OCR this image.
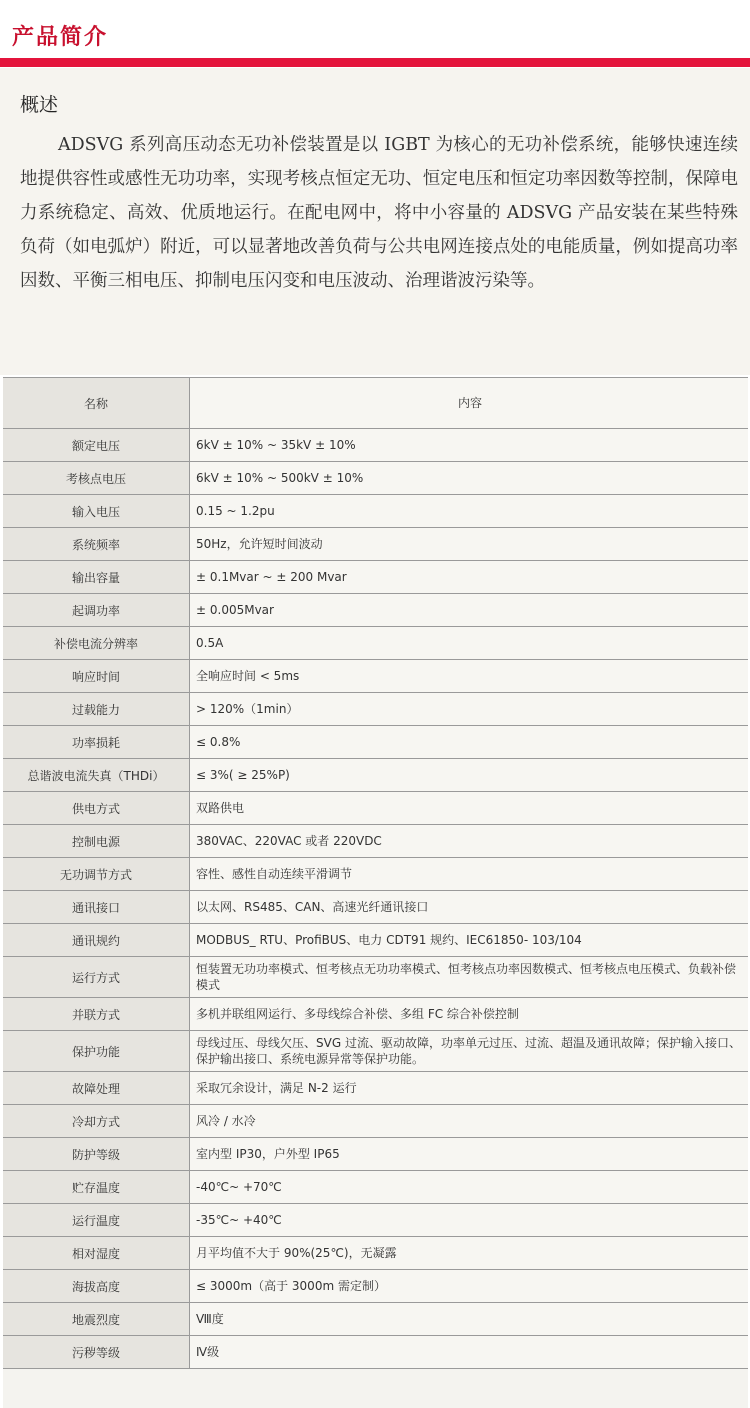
产品简介
概述

ADSVG 系列高压动态无功补偿装置是以 IGBT 为核心的无功补偿系统，能够快速连续地提供容性或感性无功功率，实现考核点恒定无功、恒定电压和恒定功率因数等控制，保障电力系统稳定、高效、优质地运行。在配电网中，将中小容量的 ADSVG 产品安装在某些特殊负荷（如电弧炉）附近，可以显著地改善负荷与公共电网连接点处的电能质量，例如提高功率因数、平衡三相电压、抑制电压闪变和电压波动、治理谐波污染等。

名称	内容
额定电压	6kV ± 10% ~ 35kV ± 10%
考核点电压	6kV ± 10% ~ 500kV ± 10%
输入电压	0.15 ~ 1.2pu
系统频率	50Hz，允许短时间波动
输出容量	± 0.1Mvar ~ ± 200 Mvar
起调功率	± 0.005Mvar
补偿电流分辨率	0.5A
响应时间	全响应时间 < 5ms
过载能力	> 120%（1min）
功率损耗	≤ 0.8%
总谐波电流失真（THDi）	≤ 3%( ≥ 25%P)
供电方式	双路供电
控制电源	380VAC、220VAC 或者 220VDC
无功调节方式	容性、感性自动连续平滑调节
通讯接口	以太网、RS485、CAN、高速光纤通讯接口
通讯规约	MODBUS_ RTU、ProfiBUS、电力 CDT91 规约、IEC61850- 103/104
运行方式	恒装置无功功率模式、恒考核点无功功率模式、恒考核点功率因数模式、恒考核点电压模式、负载补偿模式
并联方式	多机并联组网运行、多母线综合补偿、多组 FC 综合补偿控制
保护功能	母线过压、母线欠压、SVG 过流、驱动故障，功率单元过压、过流、超温及通讯故障；保护输入接口、保护输出接口、系统电源异常等保护功能。
故障处理	采取冗余设计，满足 N-2 运行
冷却方式	风冷 / 水冷
防护等级	室内型 IP30，户外型 IP65
贮存温度	-40℃~ +70℃
运行温度	-35℃~ +40℃
相对湿度	月平均值不大于 90%(25℃)，无凝露
海拔高度	≤ 3000m（高于 3000m 需定制）
地震烈度	Ⅷ度
污秽等级	Ⅳ级
